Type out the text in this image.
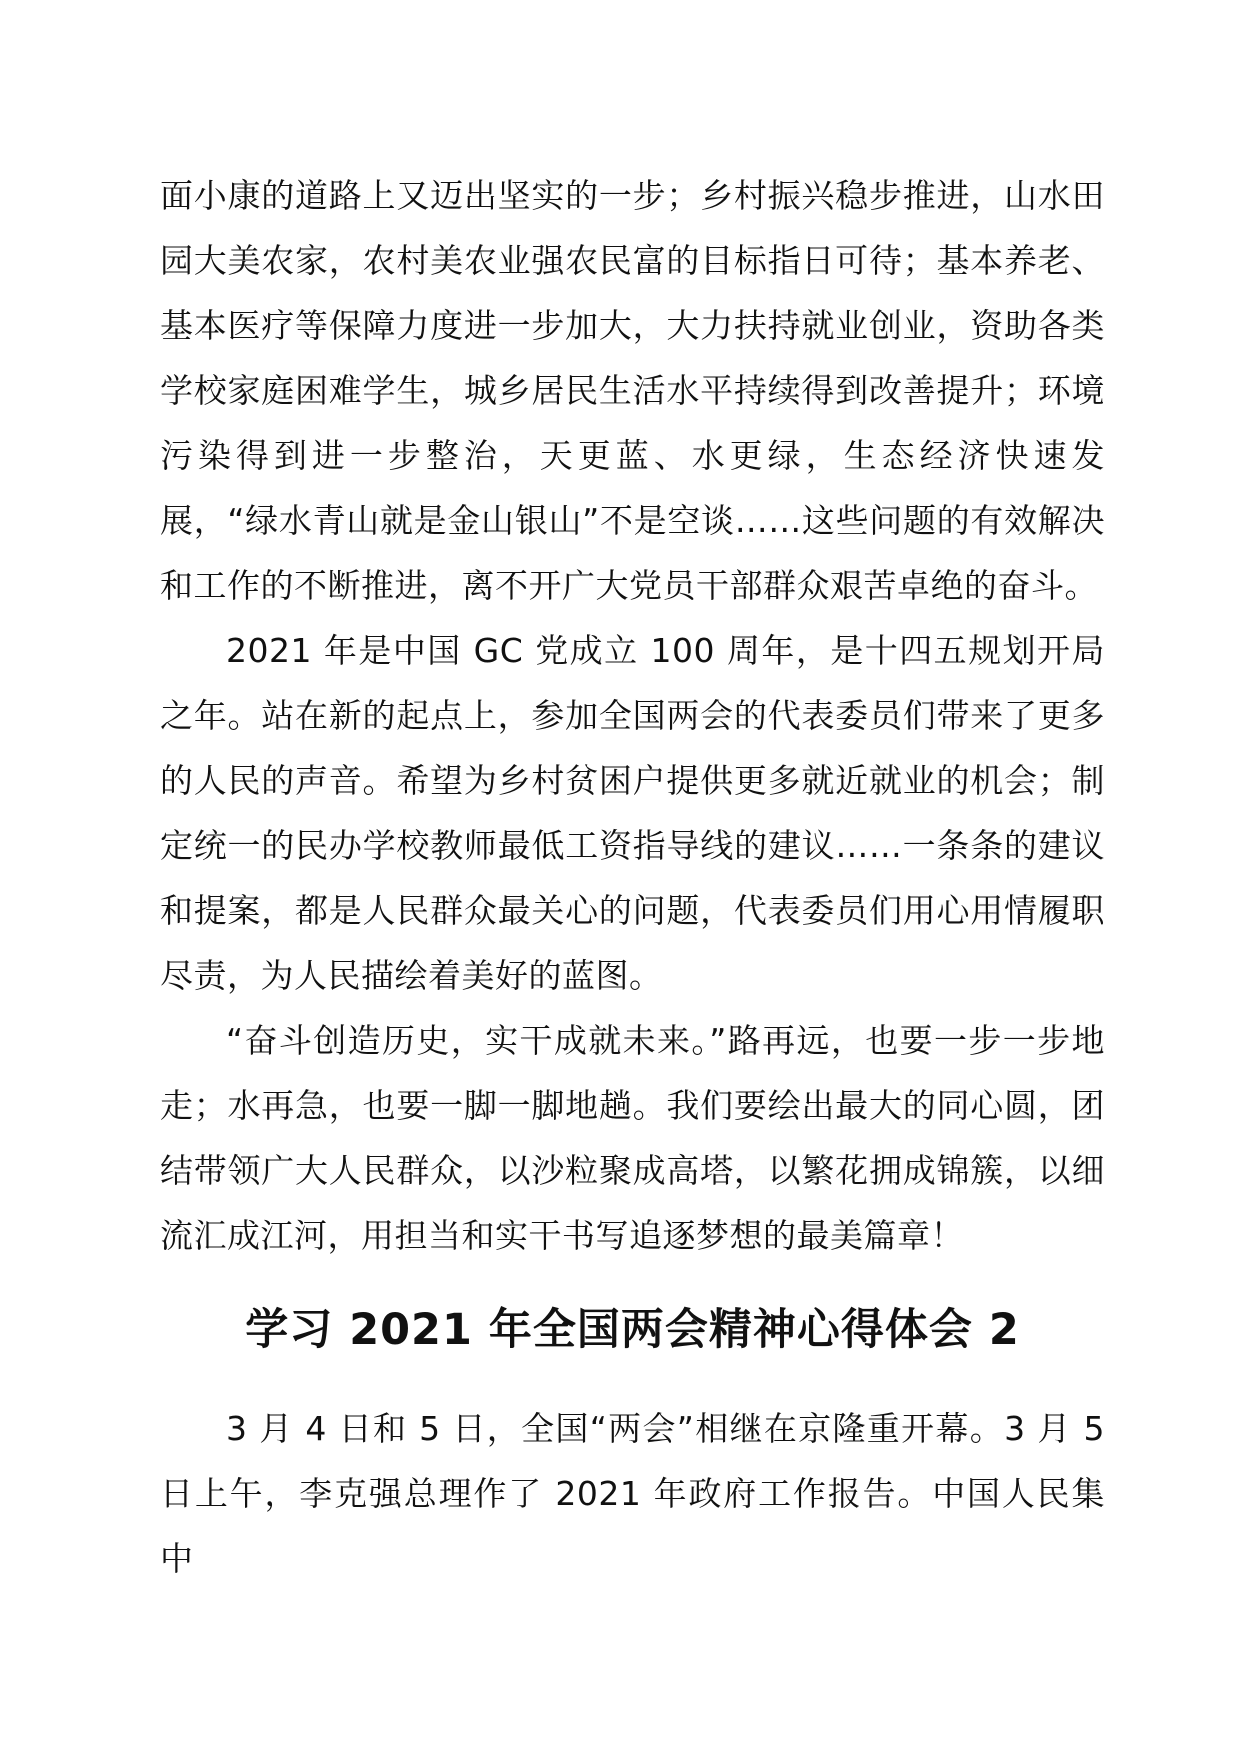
面小康的道路上又迈出坚实的一步；乡村振兴稳步推进，山水田园大美农家，农村美农业强农民富的目标指日可待；基本养老、基本医疗等保障力度进一步加大，大力扶持就业创业，资助各类学校家庭困难学生，城乡居民生活水平持续得到改善提升；环境污染得到进一步整治，天更蓝、水更绿，生态经济快速发展，“绿水青山就是金山银山”不是空谈……这些问题的有效解决和工作的不断推进，离不开广大党员干部群众艰苦卓绝的奋斗。

2021 年是中国 GC 党成立 100 周年，是十四五规划开局之年。站在新的起点上，参加全国两会的代表委员们带来了更多的人民的声音。希望为乡村贫困户提供更多就近就业的机会；制定统一的民办学校教师最低工资指导线的建议……一条条的建议和提案，都是人民群众最关心的问题，代表委员们用心用情履职尽责，为人民描绘着美好的蓝图。

“奋斗创造历史，实干成就未来。”路再远，也要一步一步地走；水再急，也要一脚一脚地趟。我们要绘出最大的同心圆，团结带领广大人民群众，以沙粒聚成高塔，以繁花拥成锦簇，以细流汇成江河，用担当和实干书写追逐梦想的最美篇章！

学习 2021 年全国两会精神心得体会 2

3 月 4 日和 5 日，全国“两会”相继在京隆重开幕。3 月 5 日上午，李克强总理作了 2021 年政府工作报告。中国人民集中
